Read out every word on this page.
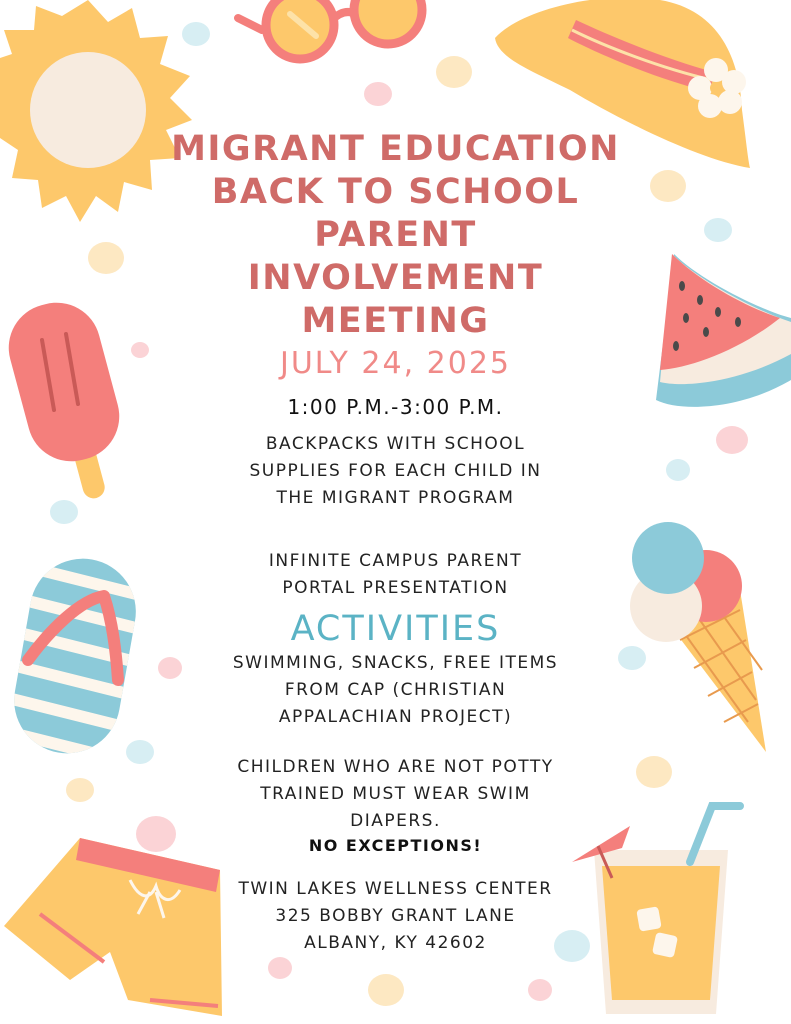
MIGRANT EDUCATION
BACK TO SCHOOL
PARENT
INVOLVEMENT
MEETING
JULY 24, 2025
1:00 P.M.-3:00 P.M.
BACKPACKS WITH SCHOOL
SUPPLIES FOR EACH CHILD IN
THE MIGRANT PROGRAM
INFINITE CAMPUS PARENT
PORTAL PRESENTATION
ACTIVITIES
SWIMMING, SNACKS, FREE ITEMS
FROM CAP (CHRISTIAN
APPALACHIAN PROJECT)
CHILDREN WHO ARE NOT POTTY
TRAINED MUST WEAR SWIM
DIAPERS.
NO EXCEPTIONS!
TWIN LAKES WELLNESS CENTER
325 BOBBY GRANT LANE
ALBANY, KY 42602
